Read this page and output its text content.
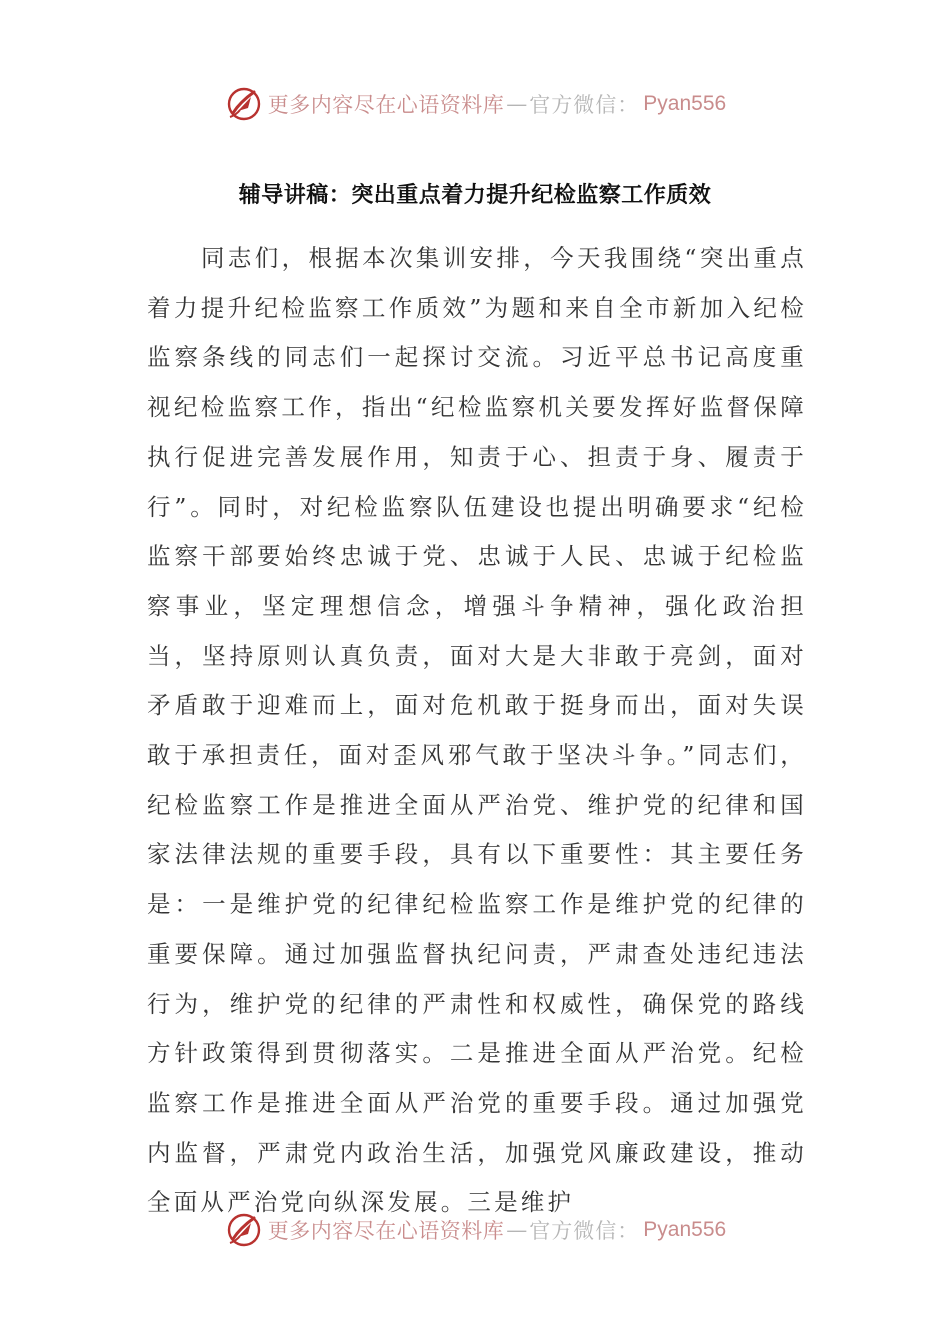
更多内容尽在心语资料库 — 官方微信： Pyan556
辅导讲稿：突出重点着力提升纪检监察工作质效
同志们，根据本次集训安排，今天我围绕“突出重点着力提升纪检监察工作质效”为题和来自全市新加入纪检监察条线的同志们一起探讨交流。习近平总书记高度重视纪检监察工作，指出“纪检监察机关要发挥好监督保障执行促进完善发展作用，知责于心、担责于身、履责于行”。同时，对纪检监察队伍建设也提出明确要求“纪检监察干部要始终忠诚于党、忠诚于人民、忠诚于纪检监察事业，坚定理想信念，增强斗争精神，强化政治担当，坚持原则认真负责，面对大是大非敢于亮剑，面对矛盾敢于迎难而上，面对危机敢于挺身而出，面对失误敢于承担责任，面对歪风邪气敢于坚决斗争。”同志们，纪检监察工作是推进全面从严治党、维护党的纪律和国家法律法规的重要手段，具有以下重要性：其主要任务是：一是维护党的纪律纪检监察工作是维护党的纪律的重要保障。通过加强监督执纪问责，严肃查处违纪违法行为，维护党的纪律的严肃性和权威性，确保党的路线方针政策得到贯彻落实。二是推进全面从严治党。纪检监察工作是推进全面从严治党的重要手段。通过加强党内监督，严肃党内政治生活，加强党风廉政建设，推动全面从严治党向纵深发展。三是维护
更多内容尽在心语资料库 — 官方微信： Pyan556
